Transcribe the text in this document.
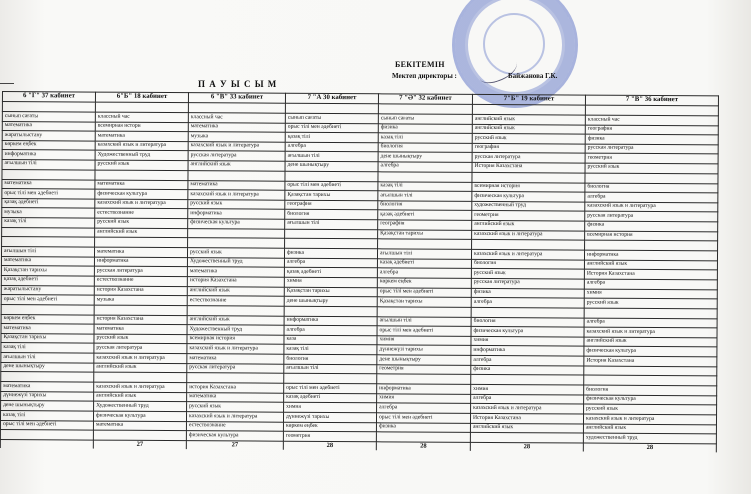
БЕКІТЕМІН
Мектеп директоры :	Байжанова Г.К.
П А У Ы С Ы М
6 "Г" 37 кабинет	6"Б" 18 кабинет	6 "В" 33 кабинет	7 "А 30 кабинет	7 "Ә" 32 кабинет	7"Б" 19 кабинет	7 "В" 36 кабинет

сынып сағаты	классный час	классный час	сынып сағаты	сынып сағаты	английский язык	классный час
математика	всемирная истори	математика	орыс тілі мен әдебиеті	физика	английский язык	география
жаратылыстану	математика	музыка	қазақ тілі	казақ тілі	русский язык	физика
көркем еңбек	казахский язык и литература	казахский язык и литература	алгебра	биология	география	русская литература
информатика	Художественный труд	русская литература	ағылшын тілі	дене шынықтыру	русская литература	геометрия
ағылшын тілі	русский язык	английский язык	дене шынықтыру	алгебра	История Казахстана	русский язык

математика	математика	математика	орыс тілі мен әдебиеті	казақ тілі	всемирная история	биология
орыс тілі мен әдебиеті	физическая культура	казахский язык и литература	Қазақстан тарихы	ағылшын тілі	физическая культура	алгебра
қазақ әдебиеті	казахский язык и литература	русский язык	география	биология	художественный труд	казахский язык и литература
музыка	естествознание	информатика	биология	қазақ әдебиеті	геометрия	русская литература
казақ тілі	русский язык	физическая культура	ағылшын тілі	география	английский язык	физика
	английский язык			Қазақстан тарихы	казахский язык и литература	всемирная история

ағылшын тілі	математика	русский язык	физика	ағылшын тілі	казахский язык и литература	информатика
математика	информатика	Художественный труд	алгебра	казақ әдебиеті	биология	английский язык
Қазақстан тарихы	русская литература	математика	қазақ әдебиеті	алгебра	русский язык	История Казахстана
қазақ әдебиеті	естествознание	история Казахстана	химия	көркем еңбек	русская литература	алгебра
жаратылыстану	история Казахстана	английский язык	Қазақстан тарихы	орыс тілі мен әдебиеті	физика	химия
орыс тілі мен әдебиеті	музыка	естествознание	дене шынықтыру	Қазақстан тарихы	алгебра	русский язык

көркем еңбек	история Казахстана	английский язык	информатика	ағылшын тілі	биология	алгебра
математика	математика	Художественный труд	алгебра	орыс тілі мен әдебиеті	физическая культура	казахский язык и литература
Қазақстан тарихы	русский язык	всемирная история	каза	химия	химия	английский язык
казақ тілі	русская литература	казахский язык и литература	казақ тілі	дүниежүзі тарихы	информатика	физическая культура
ағылшын тілі	казахский язык и литература	математика	биология	дене шынықтыру	алгебра	История Казахстана
дене шынықтыру	английский язык	русская литература	ағылшын тілі	геометрия	физика	

математика	казахский язык и литература	история Казахстана	орыс тілі мен әдебиеті	информатика	химия	биология
дүниежүзі тарихы	английский язык	математика	казақ әдебиеті	химия	алгебра	физическая культура
дене шынықтыру	Художественный труд	русский язык	химия	алгебра	казахский язык и литература	русский язык
казақ тілі	физическая культура	казахский язык и литература	дүниежүзі тарихы	орыс тілі мен әдебиеті	История Казахстана	казахский язык и литература
орыс тілі мен әдебиеті	математика	естествознание	көркем еңбек	физика	английский язык	английский язык
		физическая культура	геометрия			художественный труд
	27	27	28	28	28	28
